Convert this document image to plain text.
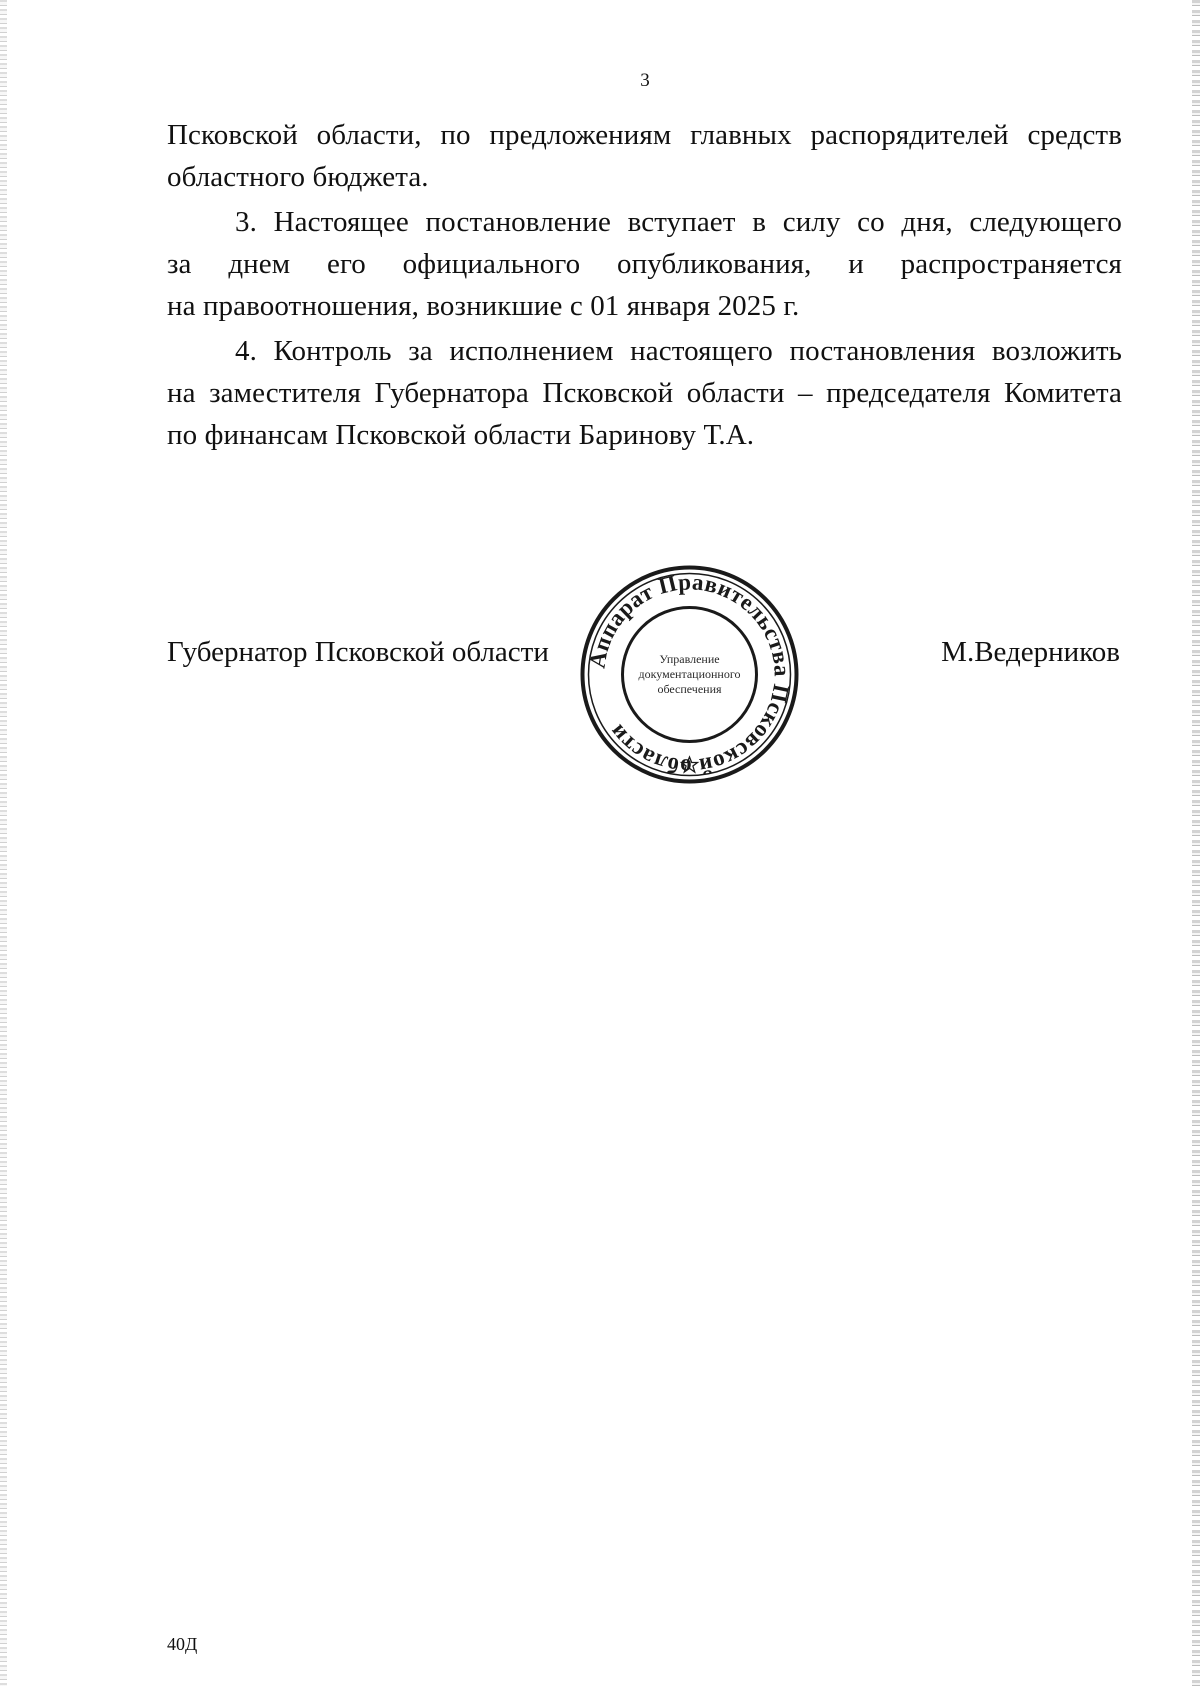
3
Псковской области, по предложениям главных распорядителей средств
областного бюджета.
3. Настоящее постановление вступает в силу со дня, следующего
за днем его официального опубликования, и распространяется
на правоотношения, возникшие с 01 января 2025 г.
4. Контроль за исполнением настоящего постановления возложить
на заместителя Губернатора Псковской области – председателя Комитета
по финансам Псковской области Баринову Т.А.
Губернатор Псковской области Аппарат Правительства Псковской области
Управление
документационного
обеспечения
М.Ведерников
40Д
